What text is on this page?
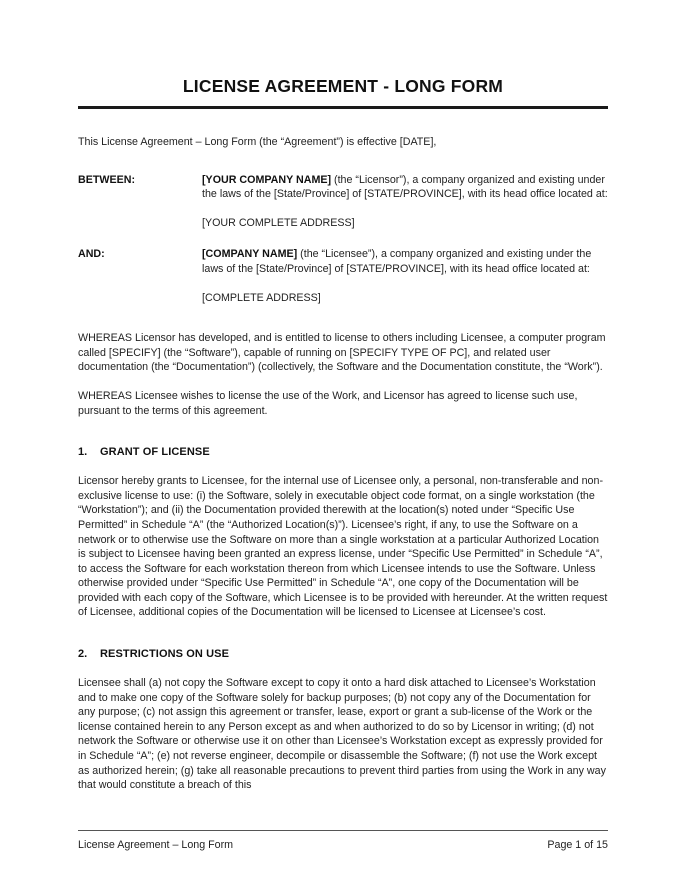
LICENSE AGREEMENT - LONG FORM

This License Agreement – Long Form (the “Agreement”) is effective [DATE],

BETWEEN:	[YOUR COMPANY NAME] (the “Licensor”), a company organized and existing under the laws of the [State/Province] of [STATE/PROVINCE], with its head office located at:

[YOUR COMPLETE ADDRESS]

AND:	[COMPANY NAME] (the “Licensee”), a company organized and existing under the laws of the [State/Province] of [STATE/PROVINCE], with its head office located at:

[COMPLETE ADDRESS]

WHEREAS Licensor has developed, and is entitled to license to others including Licensee, a computer program called [SPECIFY] (the “Software”), capable of running on [SPECIFY TYPE OF PC], and related user documentation (the “Documentation”) (collectively, the Software and the Documentation constitute, the “Work”).

WHEREAS Licensee wishes to license the use of the Work, and Licensor has agreed to license such use, pursuant to the terms of this agreement.

1.	GRANT OF LICENSE

Licensor hereby grants to Licensee, for the internal use of Licensee only, a personal, non-transferable and non-exclusive license to use: (i) the Software, solely in executable object code format, on a single workstation (the “Workstation”); and (ii) the Documentation provided therewith at the location(s) noted under “Specific Use Permitted” in Schedule “A” (the “Authorized Location(s)”). Licensee’s right, if any, to use the Software on a network or to otherwise use the Software on more than a single workstation at a particular Authorized Location is subject to Licensee having been granted an express license, under “Specific Use Permitted” in Schedule “A”, to access the Software for each workstation thereon from which Licensee intends to use the Software. Unless otherwise provided under “Specific Use Permitted” in Schedule “A”, one copy of the Documentation will be provided with each copy of the Software, which Licensee is to be provided with hereunder. At the written request of Licensee, additional copies of the Documentation will be licensed to Licensee at Licensee’s cost.

2.	RESTRICTIONS ON USE

Licensee shall (a) not copy the Software except to copy it onto a hard disk attached to Licensee’s Workstation and to make one copy of the Software solely for backup purposes; (b) not copy any of the Documentation for any purpose; (c) not assign this agreement or transfer, lease, export or grant a sub-license of the Work or the license contained herein to any Person except as and when authorized to do so by Licensor in writing; (d) not network the Software or otherwise use it on other than Licensee’s Workstation except as expressly provided for in Schedule “A”; (e) not reverse engineer, decompile or disassemble the Software; (f) not use the Work except as authorized herein; (g) take all reasonable precautions to prevent third parties from using the Work in any way that would constitute a breach of this

License Agreement – Long Form	Page 1 of 15
